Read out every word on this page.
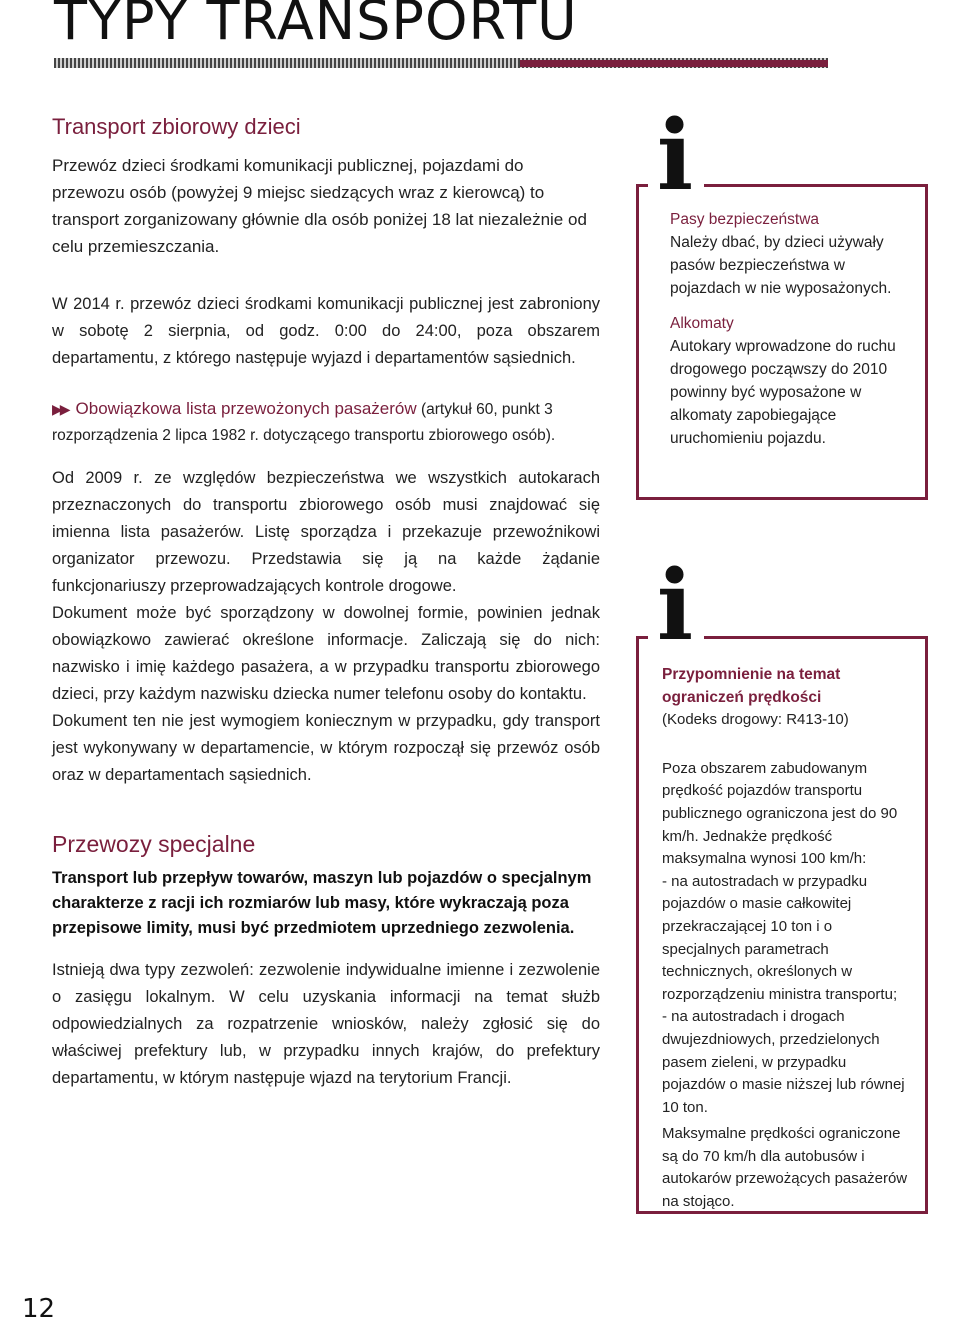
TYPY TRANSPORTU
Transport zbiorowy dzieci

Przewóz dzieci środkami komunikacji publicznej, pojazdami do przewozu osób (powyżej 9 miejsc siedzących wraz z kierowcą) to transport zorganizowany głównie dla osób poniżej 18 lat niezależnie od celu przemieszczania.

W 2014 r. przewóz dzieci środkami komunikacji publicznej jest zabroniony w sobotę 2 sierpnia, od godz. 0:00 do 24:00, poza obszarem departamentu, z którego następuje wyjazd i departamentów sąsiednich.

▶▶ Obowiązkowa lista przewożonych pasażerów (artykuł 60, punkt 3 rozporządzenia 2 lipca 1982 r. dotyczącego transportu zbiorowego osób).

Od 2009 r. ze względów bezpieczeństwa we wszystkich autokarach przeznaczonych do transportu zbiorowego osób musi znajdować się imienna lista pasażerów. Listę sporządza i przekazuje przewoźnikowi organizator przewozu. Przedstawia się ją na każde żądanie funkcjonariuszy przeprowadzających kontrole drogowe.

Dokument może być sporządzony w dowolnej formie, powinien jednak obowiązkowo zawierać określone informacje. Zaliczają się do nich: nazwisko i imię każdego pasażera, a w przypadku transportu zbiorowego dzieci, przy każdym nazwisku dziecka numer telefonu osoby do kontaktu.

Dokument ten nie jest wymogiem koniecznym w przypadku, gdy transport jest wykonywany w departamencie, w którym rozpoczął się przewóz osób oraz w departamentach sąsiednich.

Przewozy specjalne

Transport lub przepływ towarów, maszyn lub pojazdów o specjalnym charakterze z racji ich rozmiarów lub masy, które wykraczają poza przepisowe limity, musi być przedmiotem uprzedniego zezwolenia.

Istnieją dwa typy zezwoleń: zezwolenie indywidualne imienne i zezwolenie o zasięgu lokalnym. W celu uzyskania informacji na temat służb odpowiedzialnych za rozpatrzenie wniosków, należy zgłosić się do właściwej prefektury lub, w przypadku innych krajów, do prefektury departamentu, w którym następuje wjazd na terytorium Francji.

i

Pasy bezpieczeństwa

Należy dbać, by dzieci używały pasów bezpieczeństwa w pojazdach w nie wyposażonych.

Alkomaty

Autokary wprowadzone do ruchu drogowego począwszy do 2010 powinny być wyposażone w alkomaty zapobiegające uruchomieniu pojazdu.

i

Przypomnienie na temat ograniczeń prędkości

(Kodeks drogowy: R413-10)

Poza obszarem zabudowanym prędkość pojazdów transportu publicznego ograniczona jest do 90 km/h. Jednakże prędkość maksymalna wynosi 100 km/h:

- na autostradach w przypadku pojazdów o masie całkowitej przekraczającej 10 ton i o specjalnych parametrach technicznych, określonych w rozporządzeniu ministra transportu;

- na autostradach i drogach dwujezdniowych, przedzielonych pasem zieleni, w przypadku pojazdów o masie niższej lub równej 10 ton.

Maksymalne prędkości ograniczone są do 70 km/h dla autobusów i autokarów przewożących pasażerów na stojąco.

12
